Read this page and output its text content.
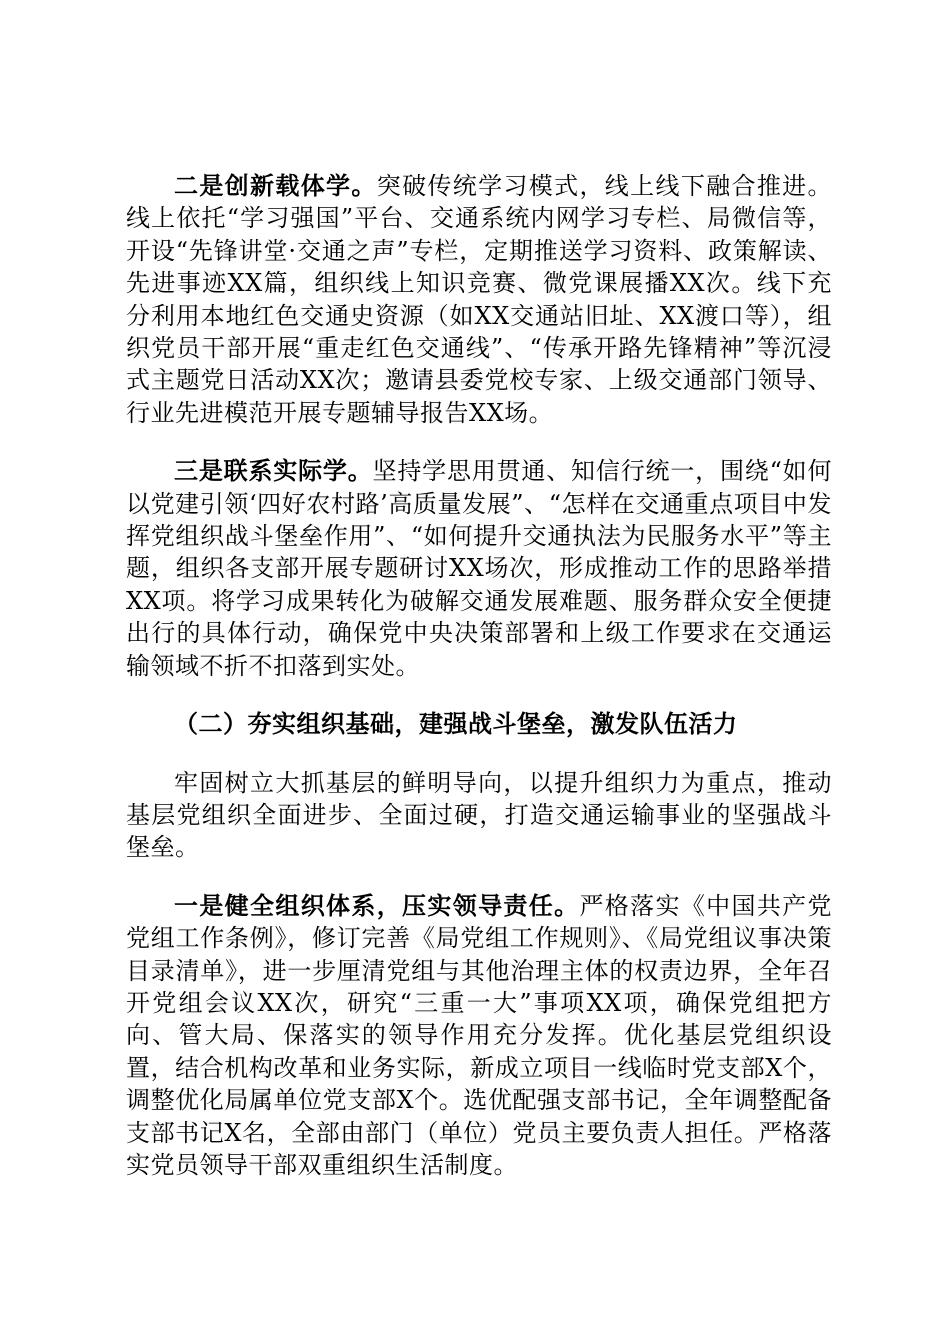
二是创新载体学。突破传统学习模式，线上线下融合推进。线上依托“学习强国”平台、交通系统内网学习专栏、局微信等，开设“先锋讲堂·交通之声”专栏，定期推送学习资料、政策解读、先进事迹XX篇，组织线上知识竞赛、微党课展播XX次。线下充分利用本地红色交通史资源（如XX交通站旧址、XX渡口等），组织党员干部开展“重走红色交通线”、“传承开路先锋精神”等沉浸式主题党日活动XX次；邀请县委党校专家、上级交通部门领导、行业先进模范开展专题辅导报告XX场。

三是联系实际学。坚持学思用贯通、知信行统一，围绕“如何以党建引领‘四好农村路’高质量发展”、“怎样在交通重点项目中发挥党组织战斗堡垒作用”、“如何提升交通执法为民服务水平”等主题，组织各支部开展专题研讨XX场次，形成推动工作的思路举措XX项。将学习成果转化为破解交通发展难题、服务群众安全便捷出行的具体行动，确保党中央决策部署和上级工作要求在交通运输领域不折不扣落到实处。

（二）夯实组织基础，建强战斗堡垒，激发队伍活力

牢固树立大抓基层的鲜明导向，以提升组织力为重点，推动基层党组织全面进步、全面过硬，打造交通运输事业的坚强战斗堡垒。

一是健全组织体系，压实领导责任。严格落实《中国共产党党组工作条例》，修订完善《局党组工作规则》、《局党组议事决策目录清单》，进一步厘清党组与其他治理主体的权责边界，全年召开党组会议XX次，研究“三重一大”事项XX项，确保党组把方向、管大局、保落实的领导作用充分发挥。优化基层党组织设置，结合机构改革和业务实际，新成立项目一线临时党支部X个，调整优化局属单位党支部X个。选优配强支部书记，全年调整配备支部书记X名，全部由部门（单位）党员主要负责人担任。严格落实党员领导干部双重组织生活制度。
